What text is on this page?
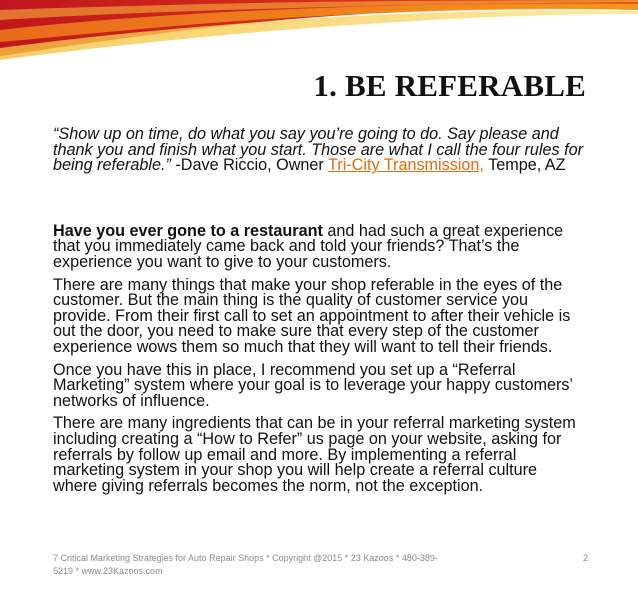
1. BE REFERABLE

“Show up on time, do what you say you’re going to do. Say please and thank you and finish what you start. Those are what I call the four rules for being referable.” -Dave Riccio, Owner Tri-City Transmission, Tempe, AZ

Have you ever gone to a restaurant and had such a great experience that you immediately came back and told your friends? That’s the experience you want to give to your customers.

There are many things that make your shop referable in the eyes of the customer. But the main thing is the quality of customer service you provide. From their first call to set an appointment to after their vehicle is out the door, you need to make sure that every step of the customer experience wows them so much that they will want to tell their friends.

Once you have this in place, I recommend you set up a “Referral Marketing” system where your goal is to leverage your happy customers’ networks of influence.

There are many ingredients that can be in your referral marketing system including creating a “How to Refer” us page on your website, asking for referrals by follow up email and more. By implementing a referral marketing system in your shop you will help create a referral culture where giving referrals becomes the norm, not the exception.

7 Critical Marketing Strategies for Auto Repair Shops * Copyright @2015 * 23 Kazoos * 480-389-5219 * www.23Kazoos.com
2
